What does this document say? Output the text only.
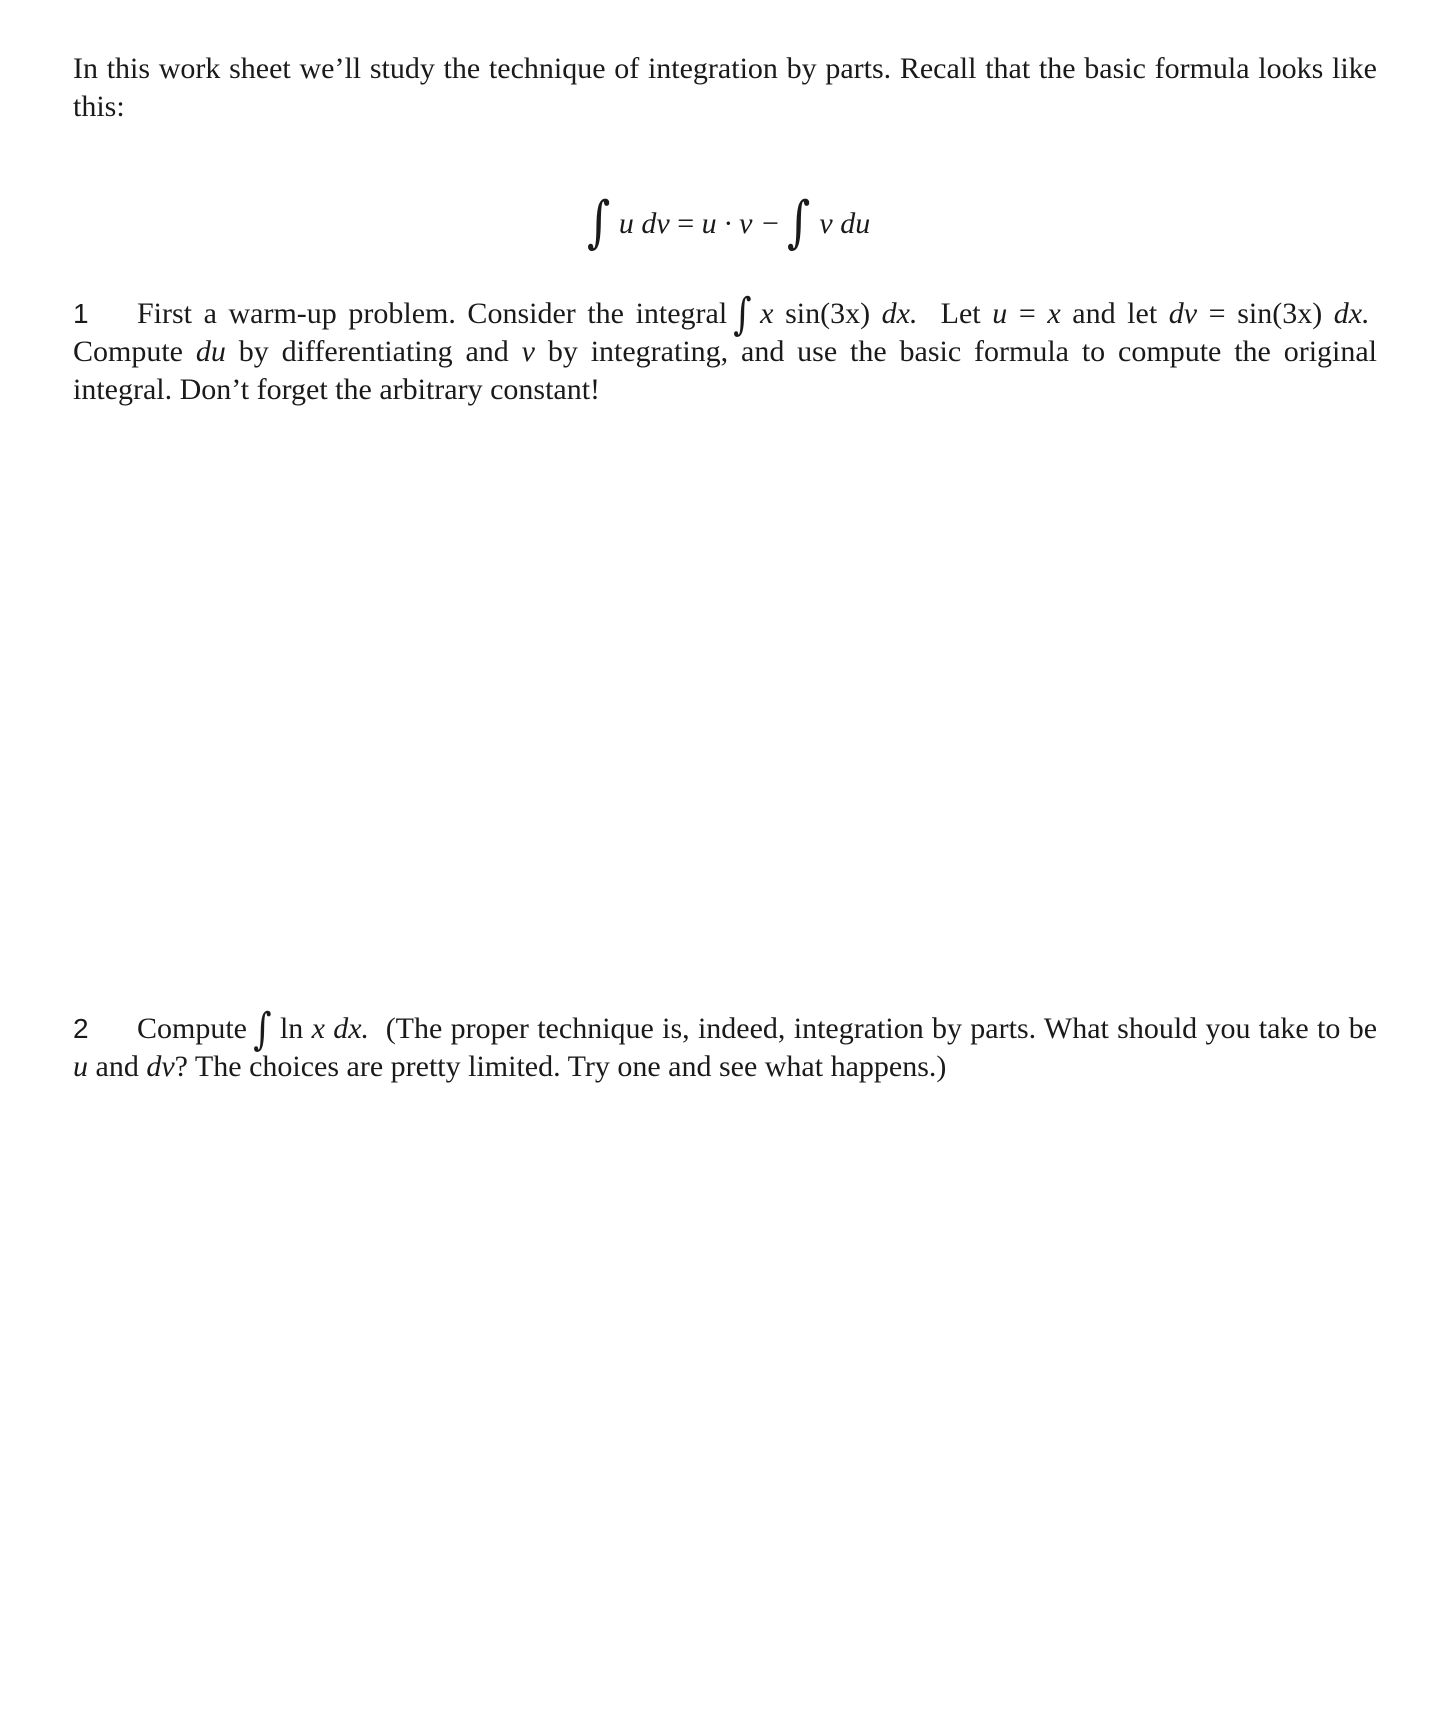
In this work sheet we’ll study the technique of integration by parts. Recall that the basic formula looks like this:

∫ u dv = u · v − ∫ v du

1 First a warm-up problem. Consider the integral ∫ x sin(3x) dx. Let u = x and let dv = sin(3x) dx.  Compute du by differentiating and v by integrating, and use the basic formula to compute the original integral. Don’t forget the arbitrary constant!

2 Compute ∫ ln x dx. (The proper technique is, indeed, integration by parts. What should you take to be u and dv? The choices are pretty limited. Try one and see what happens.)
